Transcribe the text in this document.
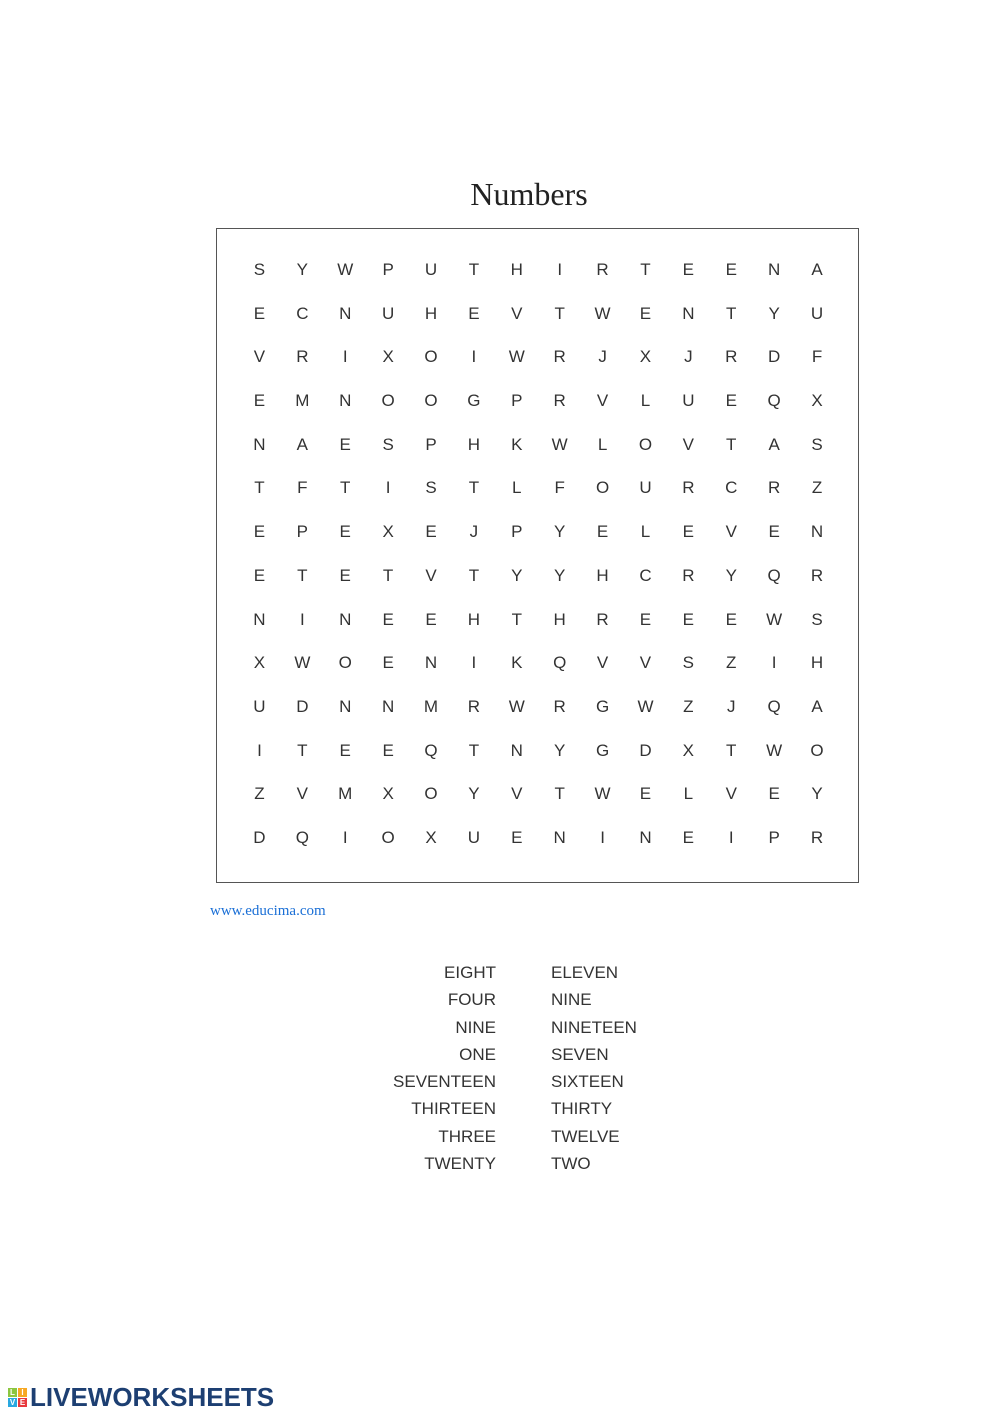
Numbers
S	Y	W	P	U	T	H	I	R	T	E	E	N	A
E	C	N	U	H	E	V	T	W	E	N	T	Y	U
V	R	I	X	O	I	W	R	J	X	J	R	D	F
E	M	N	O	O	G	P	R	V	L	U	E	Q	X
N	A	E	S	P	H	K	W	L	O	V	T	A	S
T	F	T	I	S	T	L	F	O	U	R	C	R	Z
E	P	E	X	E	J	P	Y	E	L	E	V	E	N
E	T	E	T	V	T	Y	Y	H	C	R	Y	Q	R
N	I	N	E	E	H	T	H	R	E	E	E	W	S
X	W	O	E	N	I	K	Q	V	V	S	Z	I	H
U	D	N	N	M	R	W	R	G	W	Z	J	Q	A
I	T	E	E	Q	T	N	Y	G	D	X	T	W	O
Z	V	M	X	O	Y	V	T	W	E	L	V	E	Y
D	Q	I	O	X	U	E	N	I	N	E	I	P	R
www.educima.com
EIGHT	ELEVEN
FOUR	NINE
NINE	NINETEEN
ONE	SEVEN
SEVENTEEN	SIXTEEN
THIRTEEN	THIRTY
THREE	TWELVE
TWENTY	TWO
L I
V E LIVEWORKSHEETS
